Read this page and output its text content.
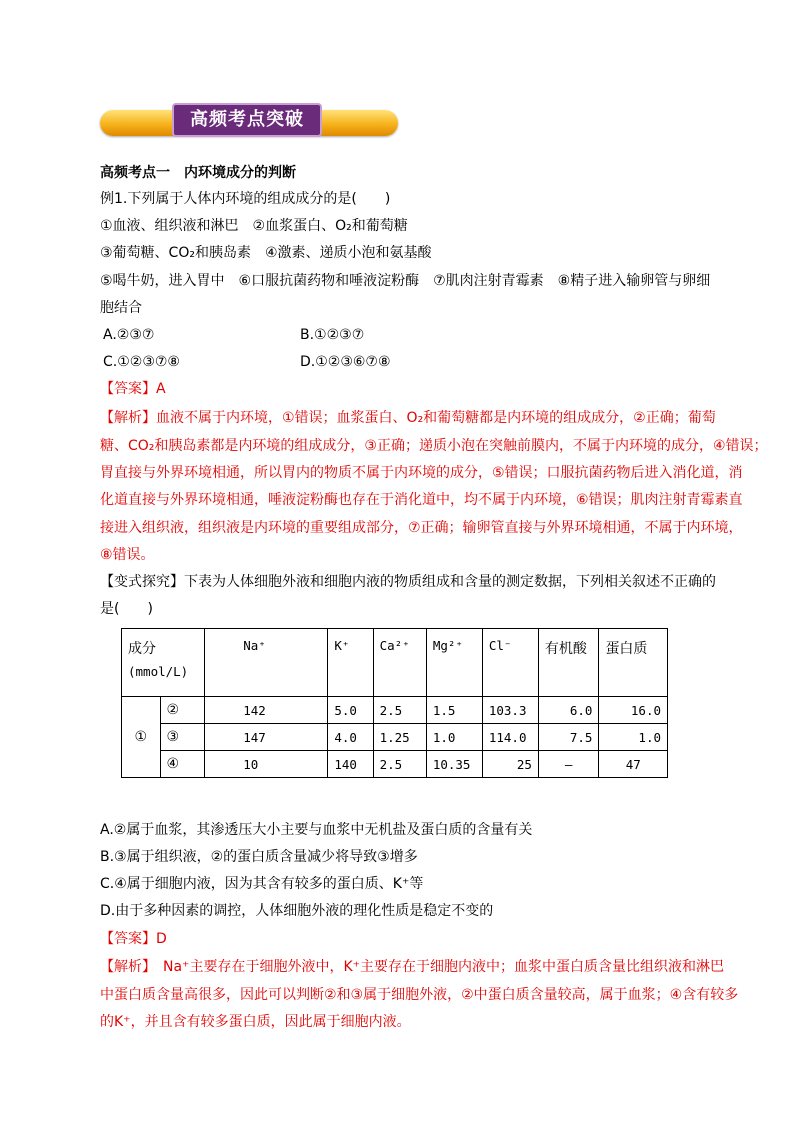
高频考点突破
高频考点一　内环境成分的判断
例1.下列属于人体内环境的组成成分的是(　　)
①血液、组织液和淋巴　②血浆蛋白、O₂和葡萄糖
③葡萄糖、CO₂和胰岛素　④激素、递质小泡和氨基酸
⑤喝牛奶，进入胃中　⑥口服抗菌药物和唾液淀粉酶　⑦肌肉注射青霉素　⑧精子进入输卵管与卵细
胞结合
A.②③⑦	B.①②③⑦
C.①②③⑦⑧	D.①②③⑥⑦⑧
【答案】A
【解析】血液不属于内环境，①错误；血浆蛋白、O₂和葡萄糖都是内环境的组成成分，②正确；葡萄
糖、CO₂和胰岛素都是内环境的组成成分，③正确；递质小泡在突触前膜内，不属于内环境的成分，④错误；
胃直接与外界环境相通，所以胃内的物质不属于内环境的成分，⑤错误；口服抗菌药物后进入消化道，消
化道直接与外界环境相通，唾液淀粉酶也存在于消化道中，均不属于内环境，⑥错误；肌肉注射青霉素直
接进入组织液，组织液是内环境的重要组成部分，⑦正确；输卵管直接与外界环境相通，不属于内环境，
⑧错误。
【变式探究】下表为人体细胞外液和细胞内液的物质组成和含量的测定数据，下列相关叙述不正确的
是(　　)
成分
(mmol/L)		Na⁺	K⁺	Ca²⁺	Mg²⁺	Cl⁻	有机酸	蛋白质
①	②	142	5.0	2.5	1.5	103.3	6.0	16.0
	③	147	4.0	1.25	1.0	114.0	7.5	1.0
	④	10	140	2.5	10.35	25	—	47
A.②属于血浆，其渗透压大小主要与血浆中无机盐及蛋白质的含量有关
B.③属于组织液，②的蛋白质含量减少将导致③增多
C.④属于细胞内液，因为其含有较多的蛋白质、K⁺等
D.由于多种因素的调控，人体细胞外液的理化性质是稳定不变的
【答案】D
【解析】　Na⁺主要存在于细胞外液中，K⁺主要存在于细胞内液中；血浆中蛋白质含量比组织液和淋巴
中蛋白质含量高很多，因此可以判断②和③属于细胞外液，②中蛋白质含量较高，属于血浆；④含有较多
的K⁺，并且含有较多蛋白质，因此属于细胞内液。
